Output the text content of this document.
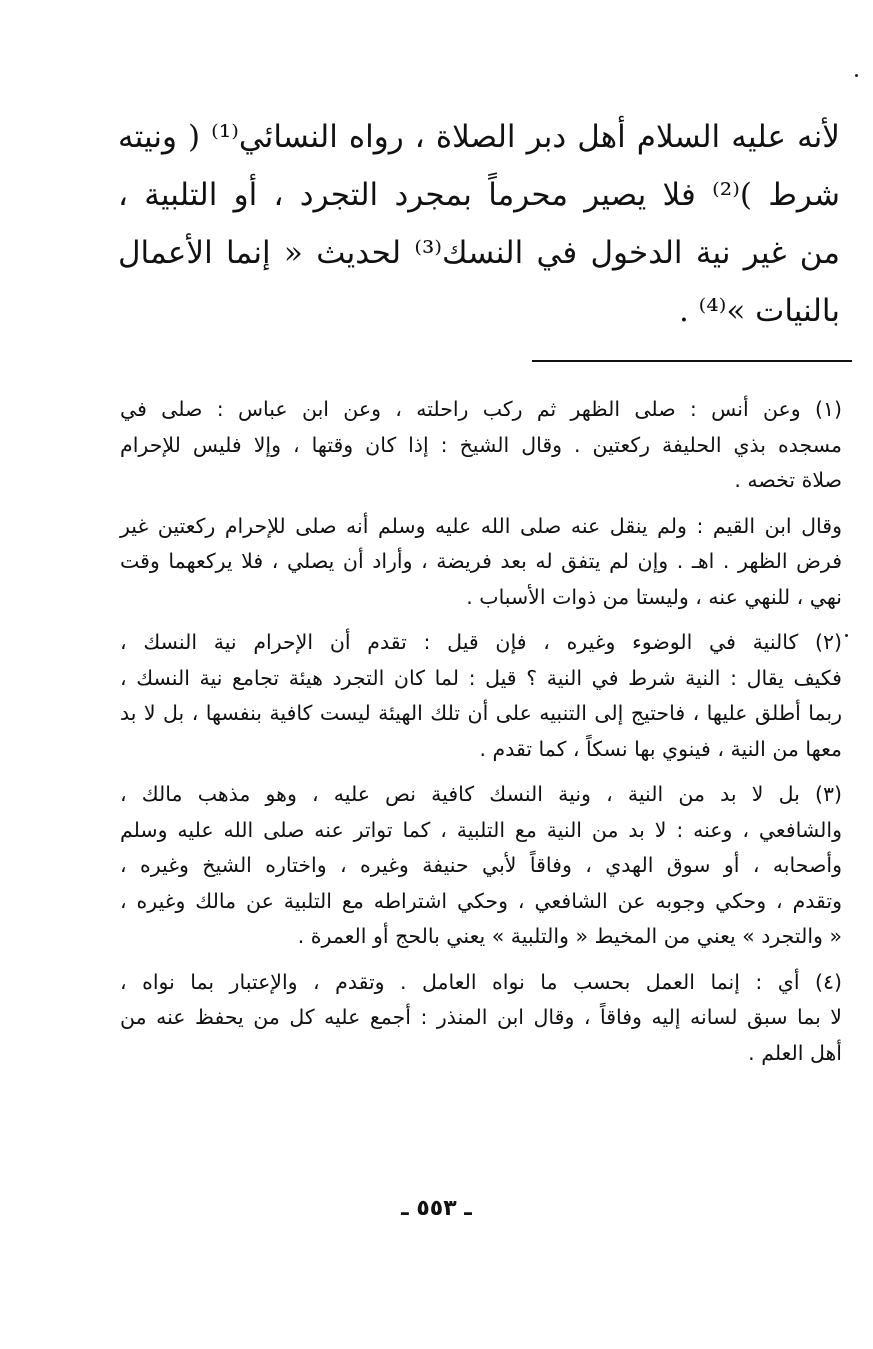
لأنه عليه السلام أهل دبر الصلاة ، رواه النسائي⁽¹⁾ ( ونيته
شرط )⁽²⁾ فلا يصير محرماً بمجرد التجرد ، أو التلبية ،
من غير نية الدخول في النسك⁽³⁾ لحديث « إنما الأعمال
بالنيات »⁽⁴⁾ .
(١) وعن أنس : صلى الظهر ثم ركب راحلته ، وعن ابن عباس : صلى في
مسجده بذي الحليفة ركعتين . وقال الشيخ : إذا كان وقتها ، وإلا فليس للإحرام
صلاة تخصه .
وقال ابن القيم : ولم ينقل عنه صلى الله عليه وسلم أنه صلى للإحرام ركعتين غير
فرض الظهر . اهـ . وإن لم يتفق له بعد فريضة ، وأراد أن يصلي ، فلا يركعهما وقت
نهي ، للنهي عنه ، وليستا من ذوات الأسباب .
(٢) كالنية في الوضوء وغيره ، فإن قيل : تقدم أن الإحرام نية النسك ،
فكيف يقال : النية شرط في النية ؟ قيل : لما كان التجرد هيئة تجامع نية النسك ،
ربما أطلق عليها ، فاحتيج إلى التنبيه على أن تلك الهيئة ليست كافية بنفسها ، بل لا بد
معها من النية ، فينوي بها نسكاً ، كما تقدم .
(٣) بل لا بد من النية ، ونية النسك كافية نص عليه ، وهو مذهب مالك ،
والشافعي ، وعنه : لا بد من النية مع التلبية ، كما تواتر عنه صلى الله عليه وسلم
وأصحابه ، أو سوق الهدي ، وفاقاً لأبي حنيفة وغيره ، واختاره الشيخ وغيره ،
وتقدم ، وحكي وجوبه عن الشافعي ، وحكي اشتراطه مع التلبية عن مالك وغيره ،
« والتجرد » يعني من المخيط « والتلبية » يعني بالحج أو العمرة .
(٤) أي : إنما العمل بحسب ما نواه العامل . وتقدم ، والإعتبار بما نواه ،
لا بما سبق لسانه إليه وفاقاً ، وقال ابن المنذر : أجمع عليه كل من يحفظ عنه من
أهل العلم .
ـ ٥٥٣ ـ
